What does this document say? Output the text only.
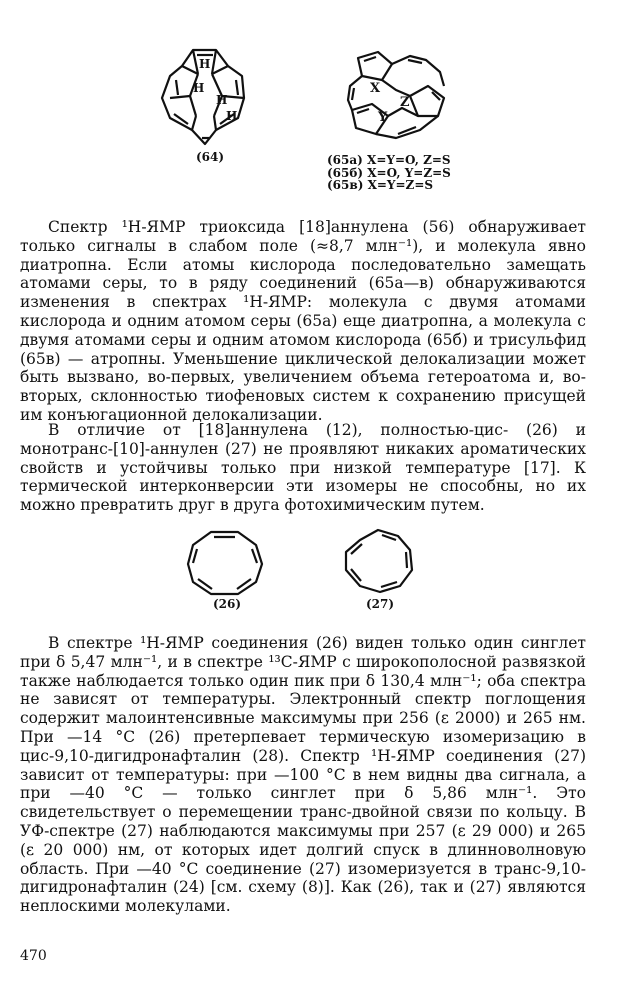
H
H
H
H
(64)
X
Y
Z
(65а) X=Y=O, Z=S
(65б) X=O, Y=Z=S
(65в) X=Y=Z=S

Спектр ¹H-ЯМР триоксида [18]аннулена (56) обнаруживает только сигналы в слабом поле (≈8,7 млн⁻¹), и молекула явно диатропна. Если атомы кислорода последовательно замещать атомами серы, то в ряду соединений (65а—в) обнаруживаются изменения в спектрах ¹H-ЯМР: молекула с двумя атомами кислорода и одним атомом серы (65а) еще диатропна, а молекула с двумя атомами серы и одним атомом кислорода (65б) и трисульфид (65в) — атропны. Уменьшение циклической делокализации может быть вызвано, во-первых, увеличением объема гетероатома и, во-вторых, склонностью тиофеновых систем к сохранению присущей им конъюгационной делокализации.

В отличие от [18]аннулена (12), полностью-цис- (26) и монотранс-[10]-аннулен (27) не проявляют никаких ароматических свойств и устойчивы только при низкой температуре [17]. К термической интерконверсии эти изомеры не способны, но их можно превратить друг в друга фотохимическим путем.

(26)	(27)

В спектре ¹H-ЯМР соединения (26) виден только один синглет при δ 5,47 млн⁻¹, и в спектре ¹³C-ЯМР с широкополосной развязкой также наблюдается только один пик при δ 130,4 млн⁻¹; оба спектра не зависят от температуры. Электронный спектр поглощения содержит малоинтенсивные максимумы при 256 (ε 2000) и 265 нм. При —14 °C (26) претерпевает термическую изомеризацию в цис-9,10-дигидронафталин (28). Спектр ¹H-ЯМР соединения (27) зависит от температуры: при —100 °C в нем видны два сигнала, а при —40 °C — только синглет при δ 5,86 млн⁻¹. Это свидетельствует о перемещении транс-двойной связи по кольцу. В УФ-спектре (27) наблюдаются максимумы при 257 (ε 29 000) и 265 (ε 20 000) нм, от которых идет долгий спуск в длинноволновую область. При —40 °C соединение (27) изомеризуется в транс-9,10-дигидронафталин (24) [см. схему (8)]. Как (26), так и (27) являются неплоскими молекулами.

470
